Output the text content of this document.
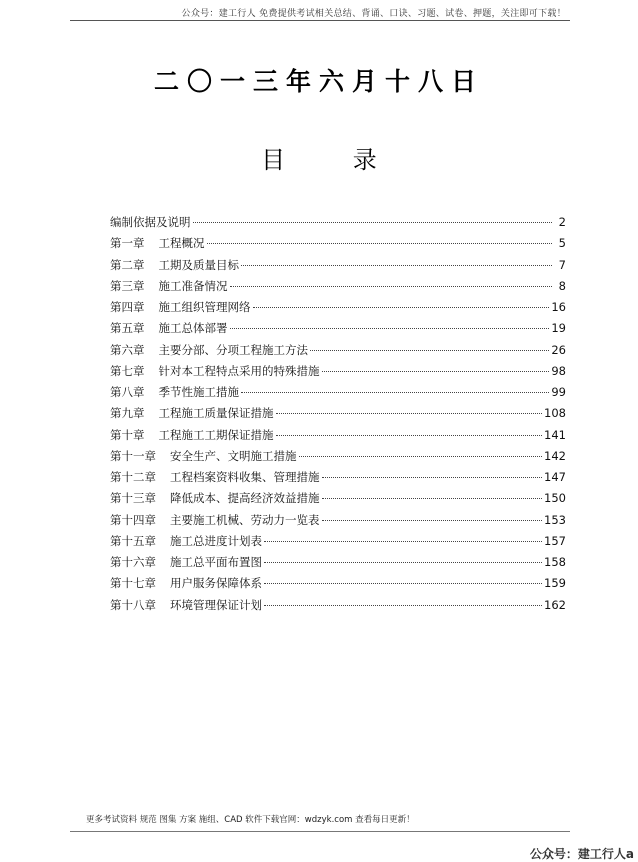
公众号：建工行人 免费提供考试相关总结、背诵、口诀、习题、试卷、押题，关注即可下载！
二〇一三年六月十八日
目 录
编制依据及说明	2
第一章 工程概况	5
第二章 工期及质量目标	7
第三章 施工准备情况	8
第四章 施工组织管理网络	16
第五章 施工总体部署	19
第六章 主要分部、分项工程施工方法	26
第七章 针对本工程特点采用的特殊措施	98
第八章 季节性施工措施	99
第九章 工程施工质量保证措施	108
第十章 工程施工工期保证措施	141
第十一章 安全生产、文明施工措施	142
第十二章 工程档案资料收集、管理措施	147
第十三章 降低成本、提高经济效益措施	150
第十四章 主要施工机械、劳动力一览表	153
第十五章 施工总进度计划表	157
第十六章 施工总平面布置图	158
第十七章 用户服务保障体系	159
第十八章 环境管理保证计划	162
更多考试资料 规范 图集 方案 施组、CAD 软件下载官网：wdzyk.com 查看每日更新！
公众号：建工行人a
